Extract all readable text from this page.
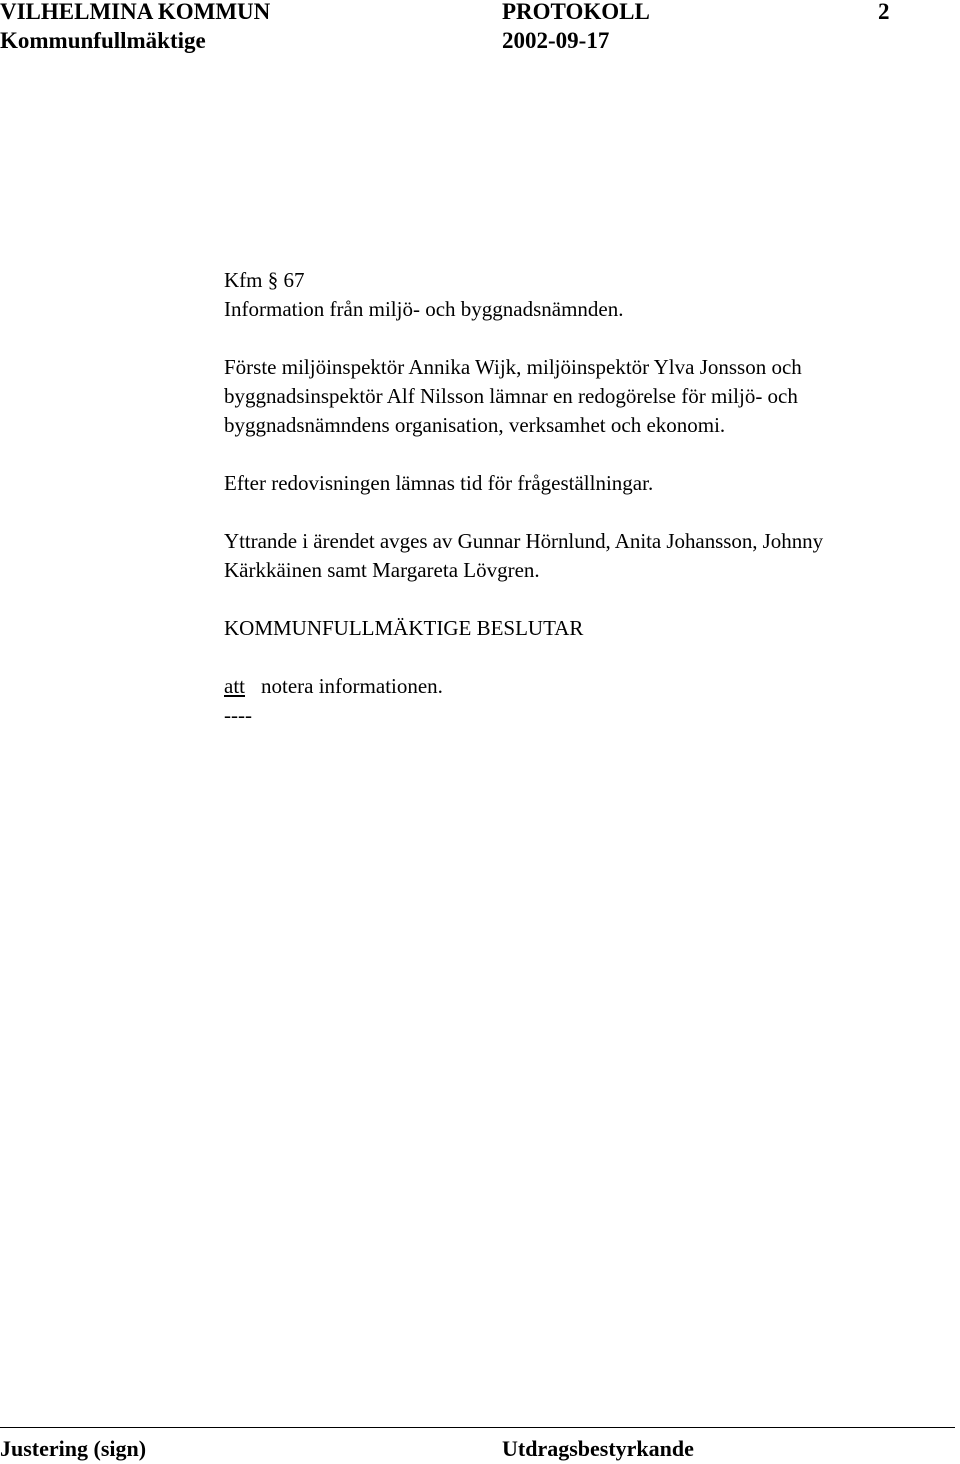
VILHELMINA KOMMUN	PROTOKOLL	2
Kommunfullmäktige	2002-09-17

Kfm § 67

Information från miljö- och byggnadsnämnden.

Förste miljöinspektör Annika Wijk, miljöinspektör Ylva Jonsson och

byggnadsinspektör Alf Nilsson lämnar en redogörelse för miljö- och

byggnadsnämndens organisation, verksamhet och ekonomi.

Efter redovisningen lämnas tid för frågeställningar.

Yttrande i ärendet avges av Gunnar Hörnlund, Anita Johansson, Johnny

Kärkkäinen samt Margareta Lövgren.

KOMMUNFULLMÄKTIGE BESLUTAR

att notera informationen.

----

Justering (sign)	Utdragsbestyrkande
